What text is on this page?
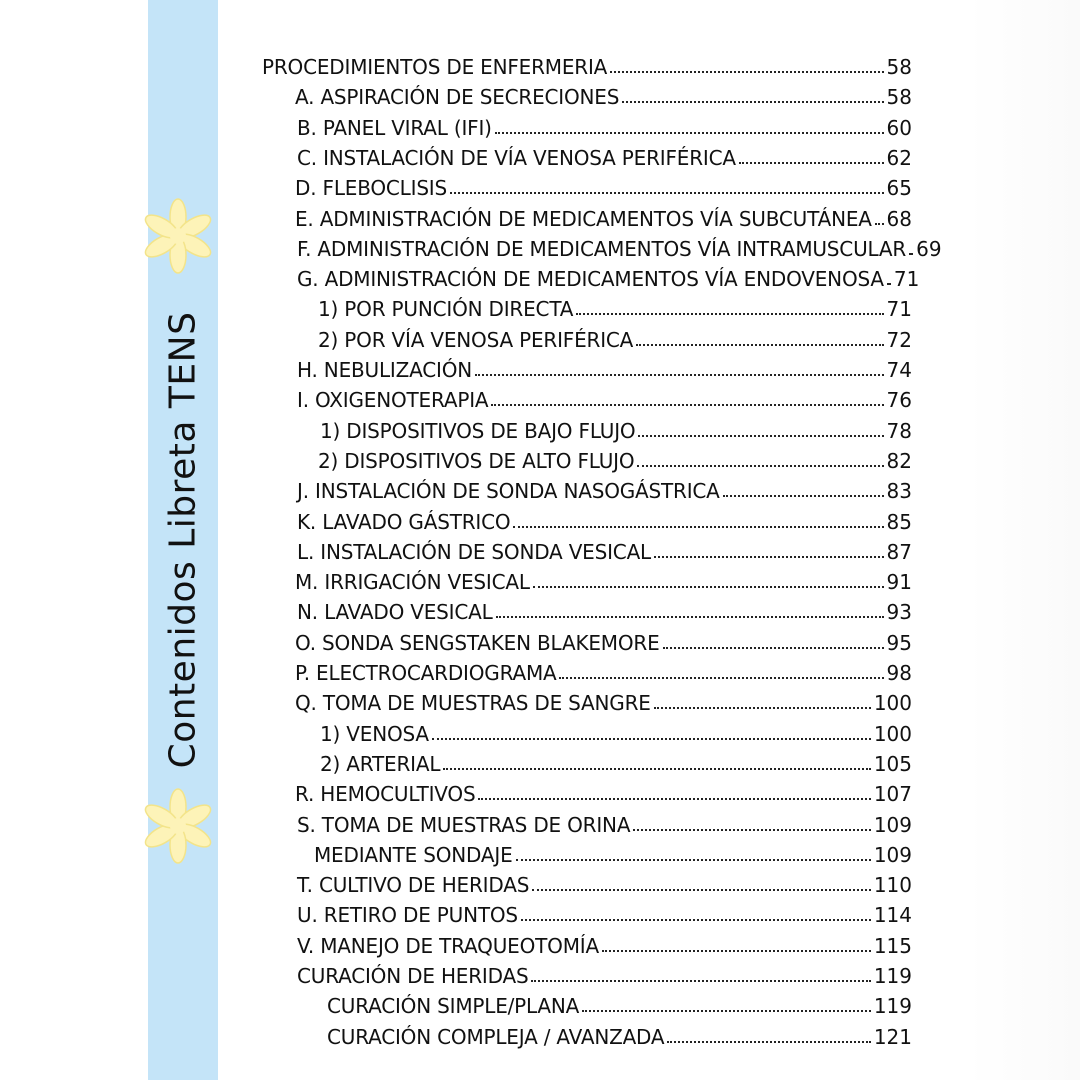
Contenidos Libreta TENS
PROCEDIMIENTOS DE ENFERMERIA	58
A. ASPIRACIÓN DE SECRECIONES	58
B. PANEL VIRAL (IFI)	60
C. INSTALACIÓN DE VÍA VENOSA PERIFÉRICA	62
D. FLEBOCLISIS	65
E. ADMINISTRACIÓN DE MEDICAMENTOS VÍA SUBCUTÁNEA 68
F. ADMINISTRACIÓN DE MEDICAMENTOS VÍA INTRAMUSCULAR 69
G. ADMINISTRACIÓN DE MEDICAMENTOS VÍA ENDOVENOSA 71
1) POR PUNCIÓN DIRECTA	71
2) POR VÍA VENOSA PERIFÉRICA	72
H. NEBULIZACIÓN	74
I. OXIGENOTERAPIA	76
1) DISPOSITIVOS DE BAJO FLUJO	78
2) DISPOSITIVOS DE ALTO FLUJO	82
J. INSTALACIÓN DE SONDA NASOGÁSTRICA	83
K. LAVADO GÁSTRICO	85
L. INSTALACIÓN DE SONDA VESICAL	87
M. IRRIGACIÓN VESICAL	91
N. LAVADO VESICAL	93
O. SONDA SENGSTAKEN BLAKEMORE	95
P. ELECTROCARDIOGRAMA	98
Q. TOMA DE MUESTRAS DE SANGRE	100
1) VENOSA	100
2) ARTERIAL	105
R. HEMOCULTIVOS	107
S. TOMA DE MUESTRAS DE ORINA	109
MEDIANTE SONDAJE	109
T. CULTIVO DE HERIDAS	110
U. RETIRO DE PUNTOS	114
V. MANEJO DE TRAQUEOTOMÍA	115
CURACIÓN DE HERIDAS	119
CURACIÓN SIMPLE/PLANA	119
CURACIÓN COMPLEJA / AVANZADA	121
